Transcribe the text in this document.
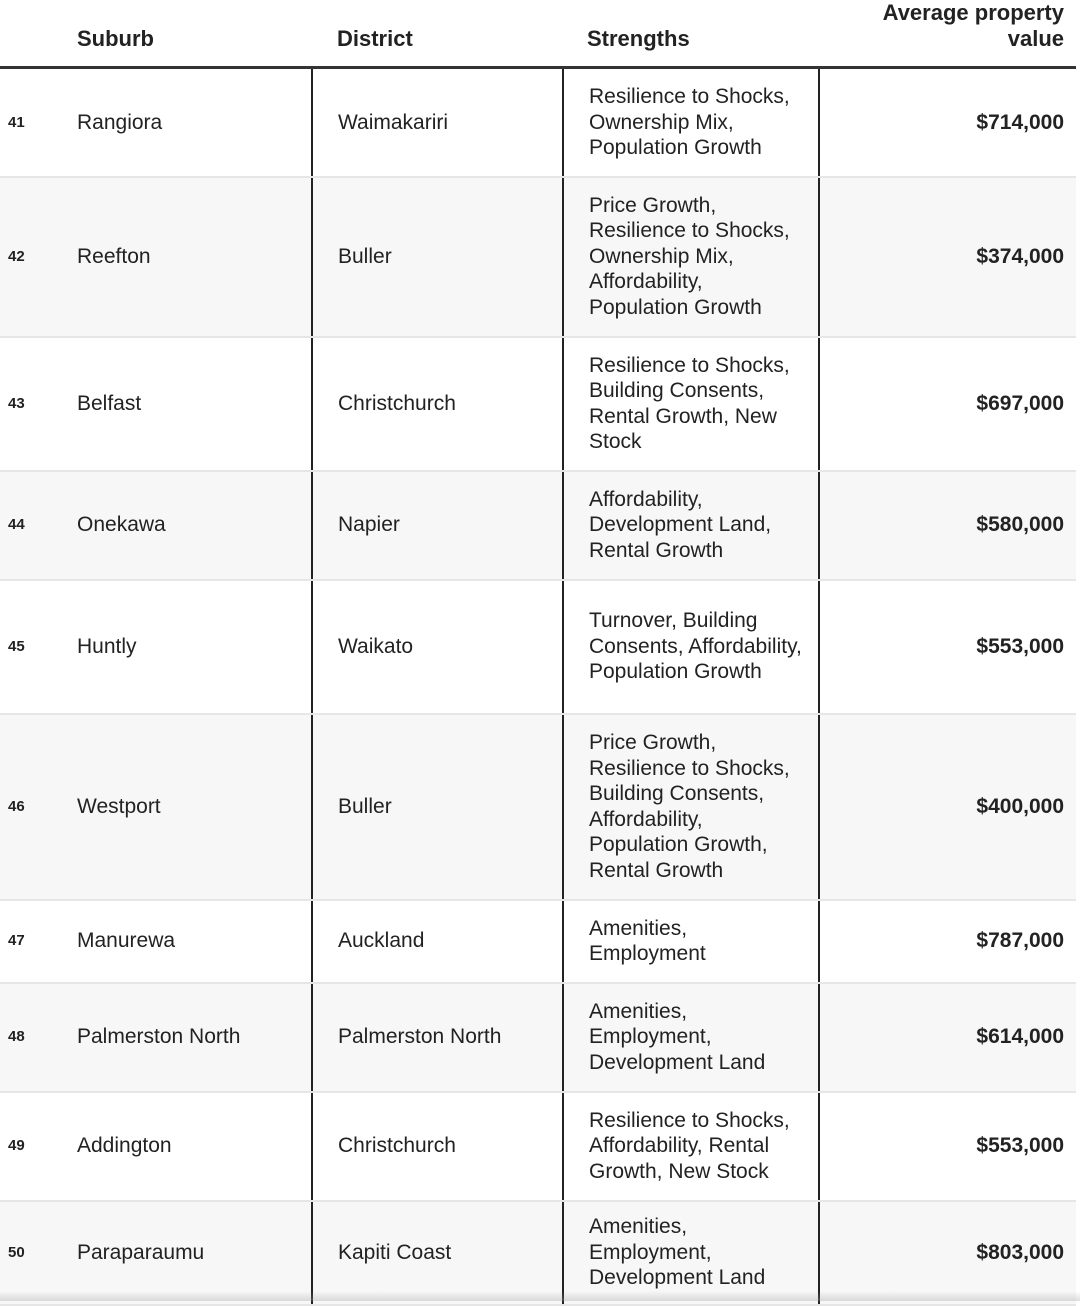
	Suburb	District	Strengths	Average property value
41	Rangiora	Waimakariri	Resilience to Shocks, Ownership Mix, Population Growth	$714,000
42	Reefton	Buller	Price Growth, Resilience to Shocks, Ownership Mix, Affordability, Population Growth	$374,000
43	Belfast	Christchurch	Resilience to Shocks, Building Consents, Rental Growth, New Stock	$697,000
44	Onekawa	Napier	Affordability, Development Land, Rental Growth	$580,000
45	Huntly	Waikato	Turnover, Building Consents, Affordability, Population Growth	$553,000
46	Westport	Buller	Price Growth, Resilience to Shocks, Building Consents, Affordability, Population Growth, Rental Growth	$400,000
47	Manurewa	Auckland	Amenities, Employment	$787,000
48	Palmerston North	Palmerston North	Amenities, Employment, Development Land	$614,000
49	Addington	Christchurch	Resilience to Shocks, Affordability, Rental Growth, New Stock	$553,000
50	Paraparaumu	Kapiti Coast	Amenities, Employment, Development Land	$803,000
